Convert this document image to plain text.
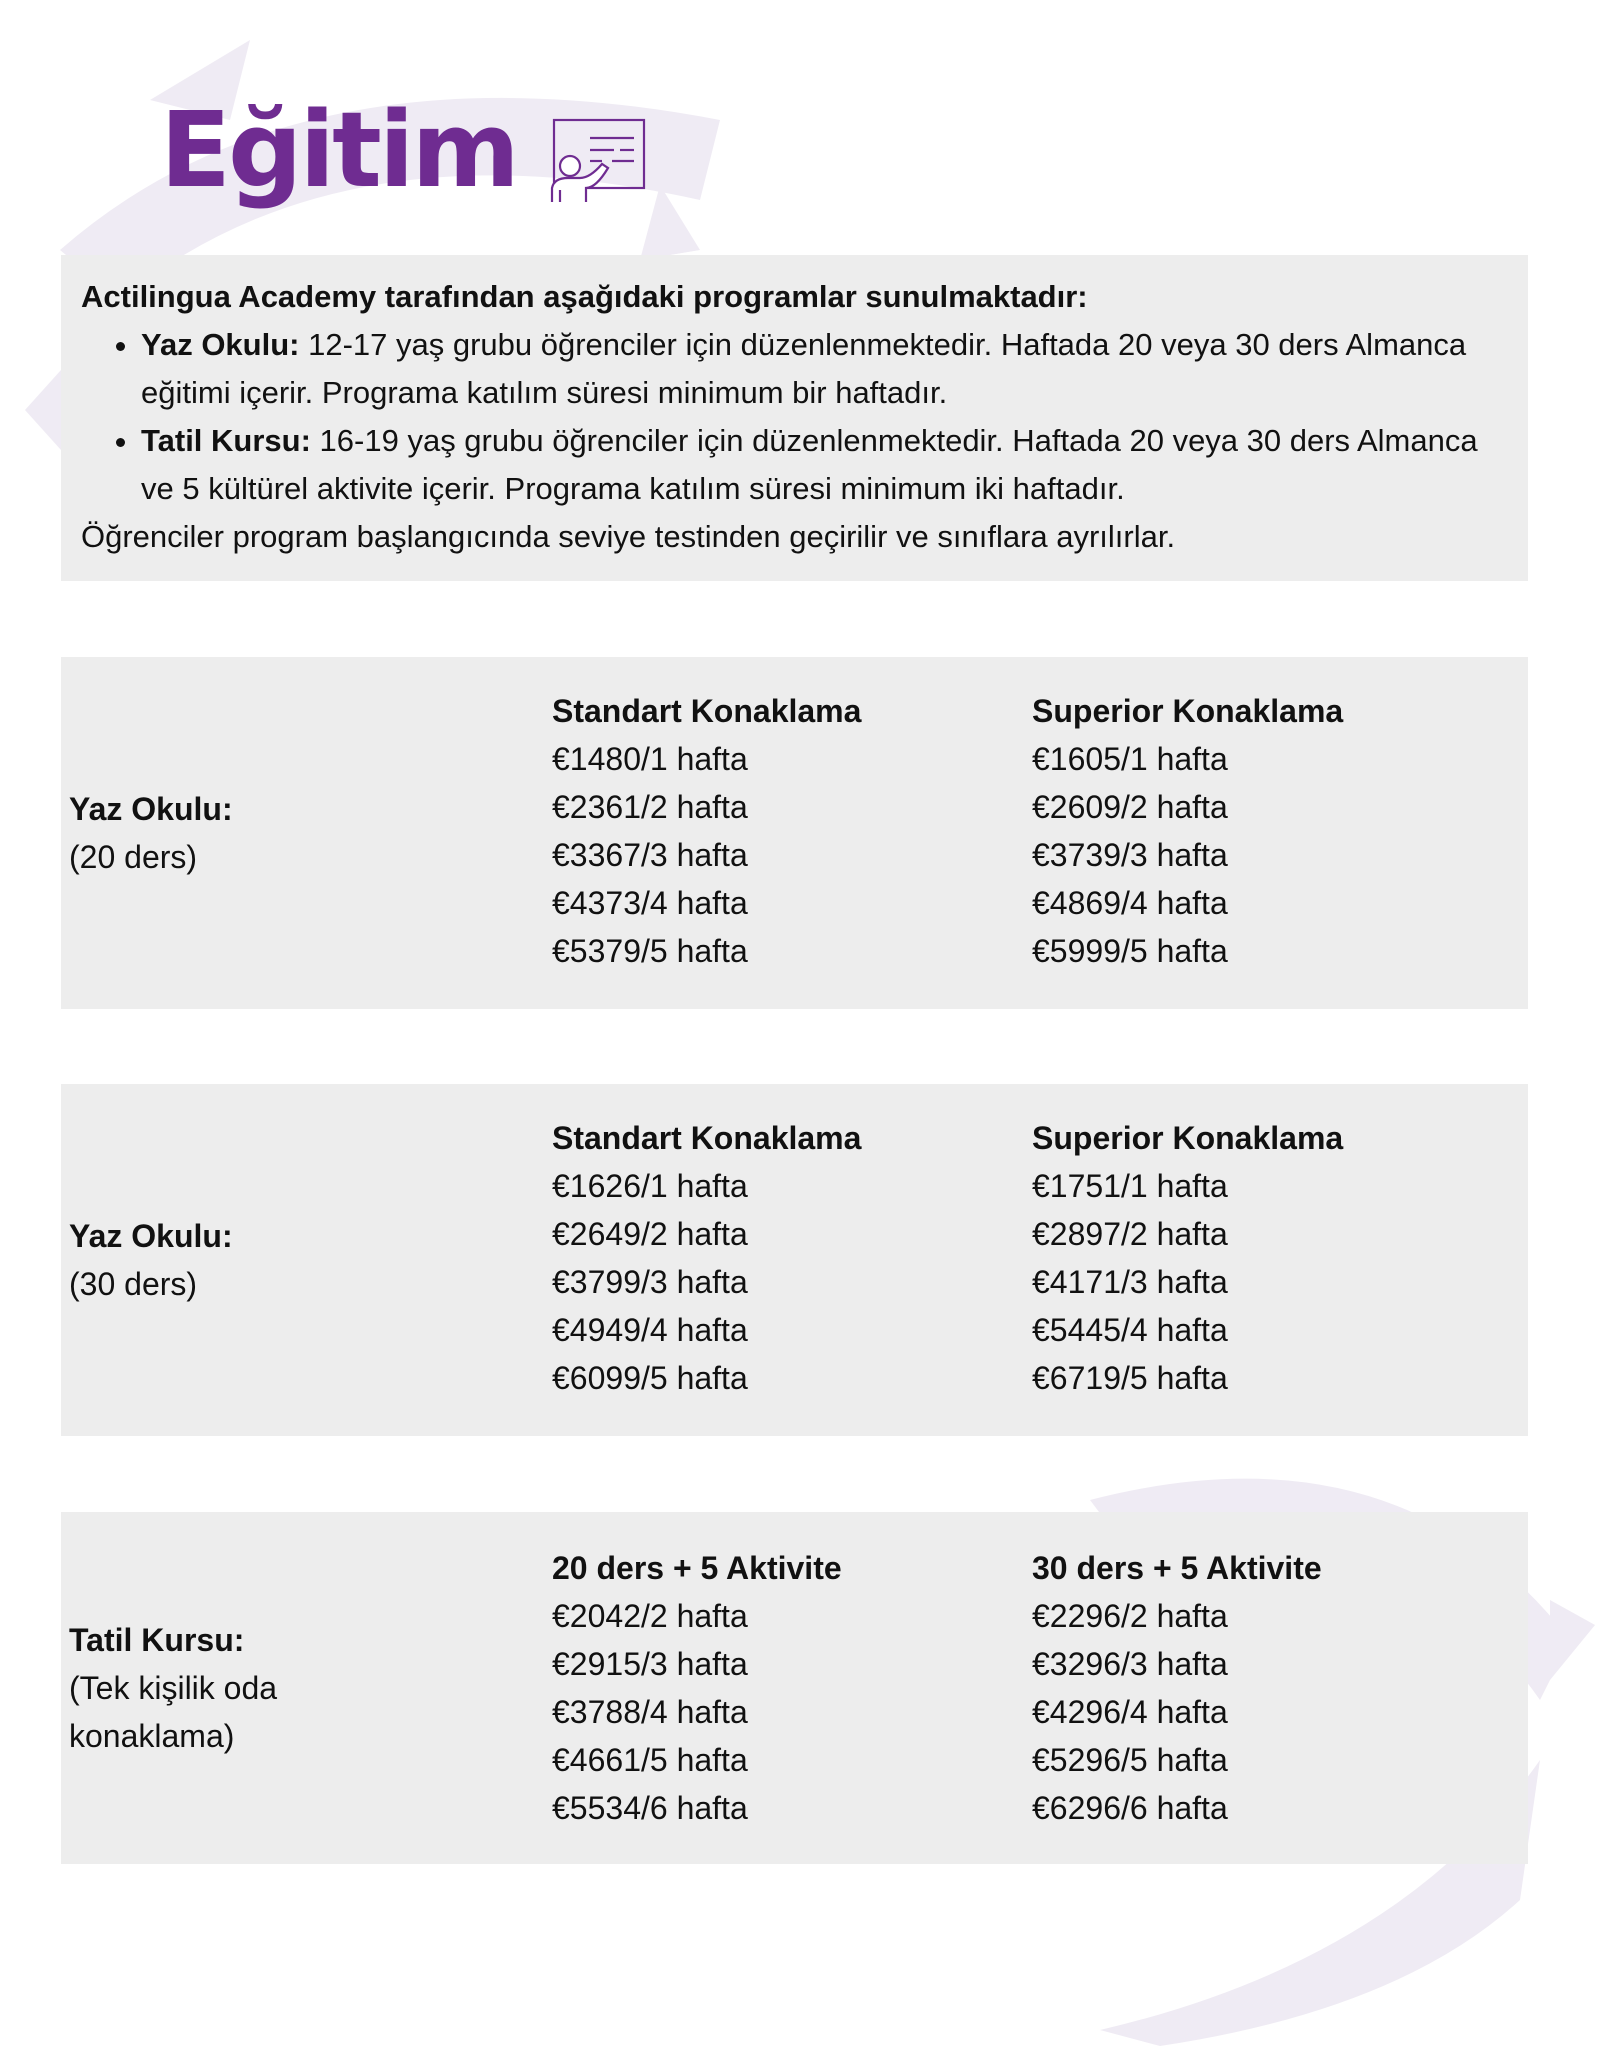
Eğitim
Actilingua Academy tarafından aşağıdaki programlar sunulmaktadır:
• Yaz Okulu: 12-17 yaş grubu öğrenciler için düzenlenmektedir. Haftada 20 veya 30 ders Almanca eğitimi içerir. Programa katılım süresi minimum bir haftadır.
• Tatil Kursu: 16-19 yaş grubu öğrenciler için düzenlenmektedir. Haftada 20 veya 30 ders Almanca ve 5 kültürel aktivite içerir. Programa katılım süresi minimum iki haftadır.
Öğrenciler program başlangıcında seviye testinden geçirilir ve sınıflara ayrılırlar.
Yaz Okulu:
(20 ders)
Standart Konaklama
€1480/1 hafta
€2361/2 hafta
€3367/3 hafta
€4373/4 hafta
€5379/5 hafta
Superior Konaklama
€1605/1 hafta
€2609/2 hafta
€3739/3 hafta
€4869/4 hafta
€5999/5 hafta
Yaz Okulu:
(30 ders)
Standart Konaklama
€1626/1 hafta
€2649/2 hafta
€3799/3 hafta
€4949/4 hafta
€6099/5 hafta
Superior Konaklama
€1751/1 hafta
€2897/2 hafta
€4171/3 hafta
€5445/4 hafta
€6719/5 hafta
Tatil Kursu:
(Tek kişilik oda konaklama)
20 ders + 5 Aktivite
€2042/2 hafta
€2915/3 hafta
€3788/4 hafta
€4661/5 hafta
€5534/6 hafta
30 ders + 5 Aktivite
€2296/2 hafta
€3296/3 hafta
€4296/4 hafta
€5296/5 hafta
€6296/6 hafta
